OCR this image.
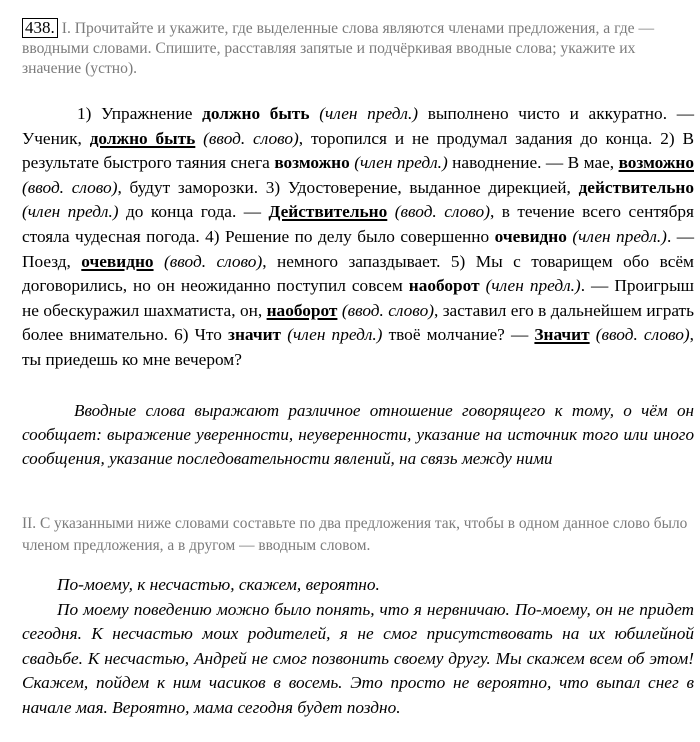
438. I. Прочитайте и укажите, где выделенные слова являются членами предложения, а где — вводными словами. Спишите, расставляя запятые и подчёркивая вводные слова; укажите их значение (устно).
1) Упражнение должно быть (член предл.) выполнено чисто и аккуратно. — Ученик, должно быть (ввод. слово), торопился и не продумал задания до конца. 2) В результате быстрого таяния снега возможно (член предл.) наводнение. — В мае, возможно (ввод. слово), будут заморозки. 3) Удостоверение, выданное дирекцией, действительно (член предл.) до конца года. — Действительно (ввод. слово), в течение всего сентября стояла чудесная погода. 4) Решение по делу было совершенно очевидно (член предл.). — Поезд, очевидно (ввод. слово), немного запаздывает. 5) Мы с товарищем обо всём договорились, но он неожиданно поступил совсем наоборот (член предл.). — Проигрыш не обескуражил шахматиста, он, наоборот (ввод. слово), заставил его в дальнейшем играть более внимательно. 6) Что значит (член предл.) твоё молчание? — Значит (ввод. слово), ты приедешь ко мне вечером?
Вводные слова выражают различное отношение говорящего к тому, о чём он сообщает: выражение уверенности, неуверенности, указание на источник того или иного сообщения, указание последовательности явлений, на связь между ними
II. С указанными ниже словами составьте по два предложения так, чтобы в одном данное слово было членом предложения, а в другом — вводным словом.

По-моему, к несчастью, скажем, вероятно.

По моему поведению можно было понять, что я нервничаю. По-моему, он не придет сегодня. К несчастью моих родителей, я не смог присутствовать на их юбилейной свадьбе. К несчастью, Андрей не смог позвонить своему другу. Мы скажем всем об этом! Скажем, пойдем к ним часиков в восемь. Это просто не вероятно, что выпал снег в начале мая. Вероятно, мама сегодня будет поздно.
